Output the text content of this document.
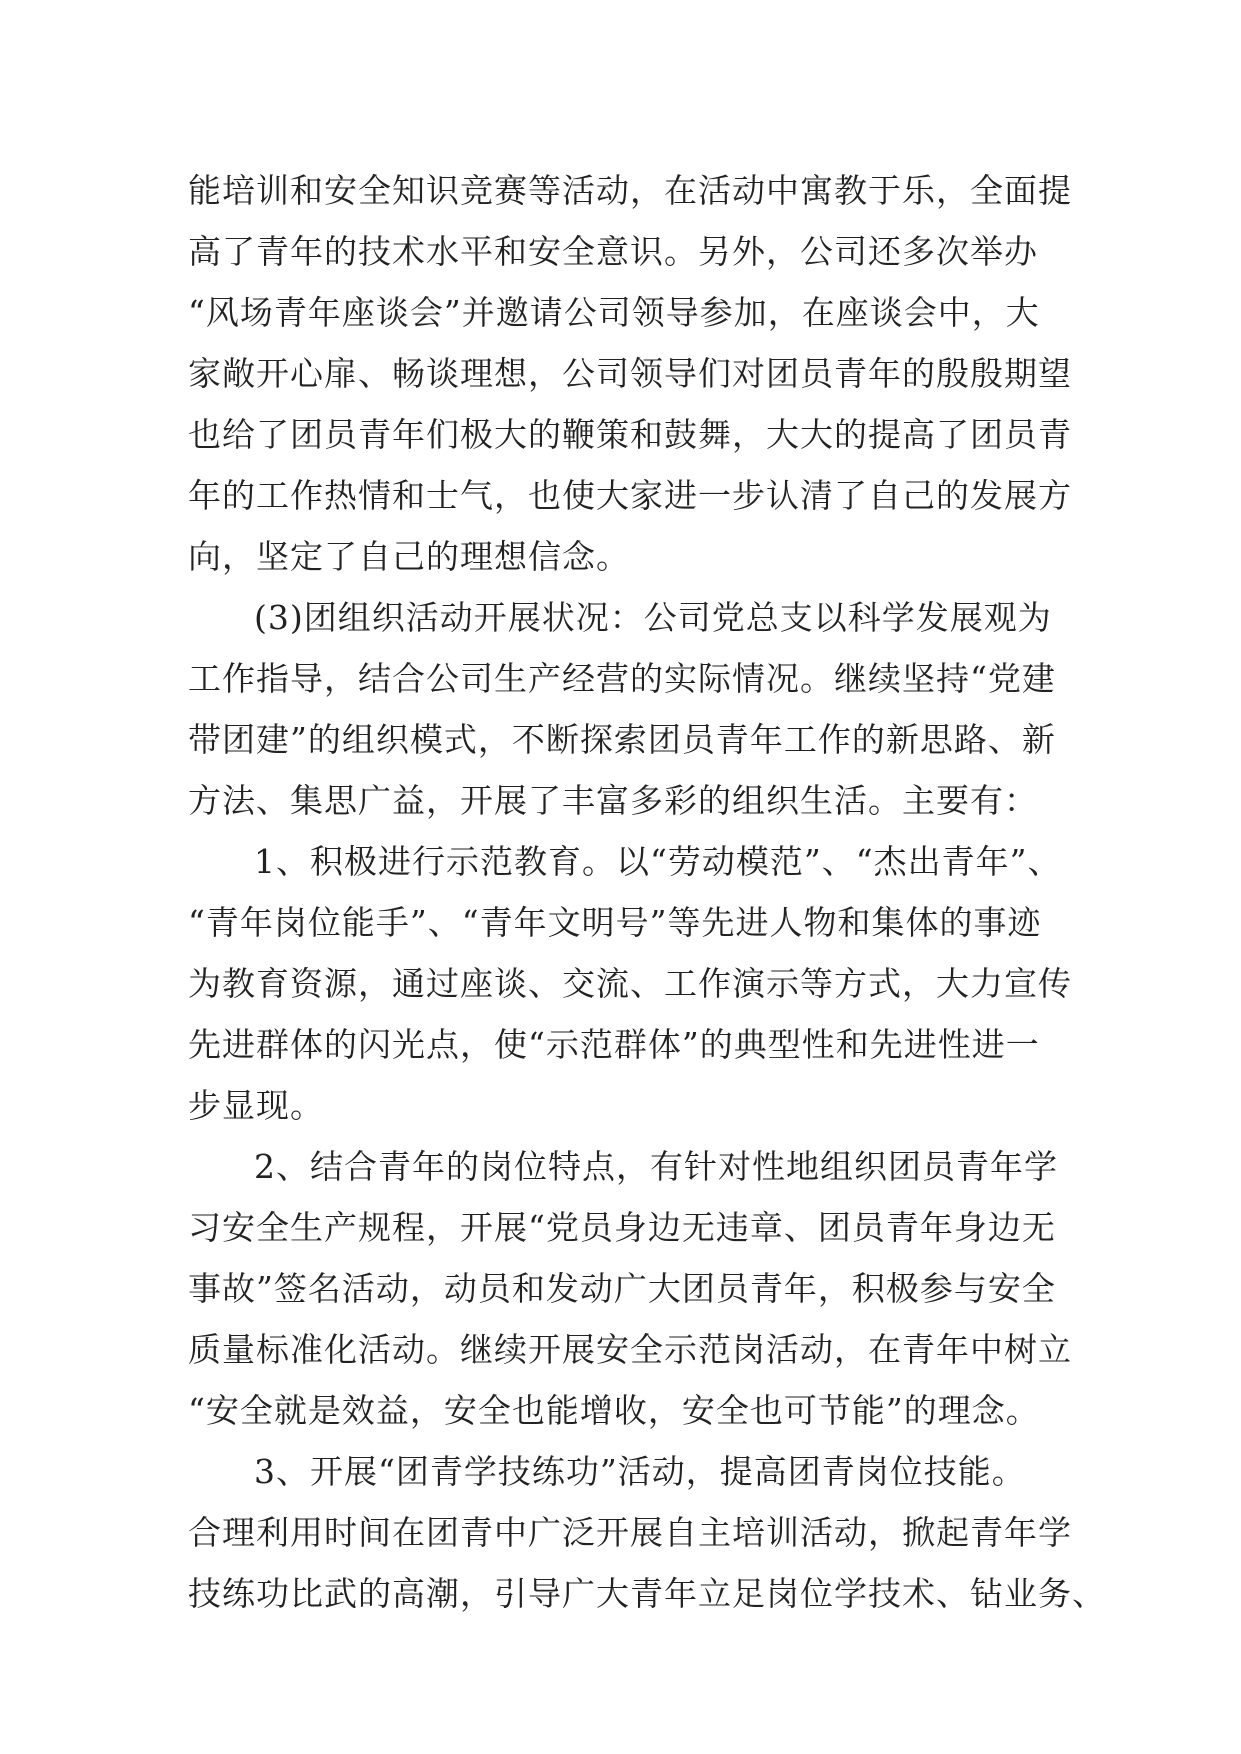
能培训和安全知识竞赛等活动，在活动中寓教于乐，全面提
高了青年的技术水平和安全意识。另外，公司还多次举办
“风场青年座谈会”并邀请公司领导参加，在座谈会中，大
家敞开心扉、畅谈理想，公司领导们对团员青年的殷殷期望
也给了团员青年们极大的鞭策和鼓舞，大大的提高了团员青
年的工作热情和士气，也使大家进一步认清了自己的发展方
向，坚定了自己的理想信念。
(3)团组织活动开展状况：公司党总支以科学发展观为
工作指导，结合公司生产经营的实际情况。继续坚持“党建
带团建”的组织模式，不断探索团员青年工作的新思路、新
方法、集思广益，开展了丰富多彩的组织生活。主要有：
1、积极进行示范教育。以“劳动模范”、“杰出青年”、
“青年岗位能手”、“青年文明号”等先进人物和集体的事迹
为教育资源，通过座谈、交流、工作演示等方式，大力宣传
先进群体的闪光点，使“示范群体”的典型性和先进性进一
步显现。
2、结合青年的岗位特点，有针对性地组织团员青年学
习安全生产规程，开展“党员身边无违章、团员青年身边无
事故”签名活动，动员和发动广大团员青年，积极参与安全
质量标准化活动。继续开展安全示范岗活动，在青年中树立
“安全就是效益，安全也能增收，安全也可节能”的理念。
3、开展“团青学技练功”活动，提高团青岗位技能。
合理利用时间在团青中广泛开展自主培训活动，掀起青年学
技练功比武的高潮，引导广大青年立足岗位学技术、钻业务、
